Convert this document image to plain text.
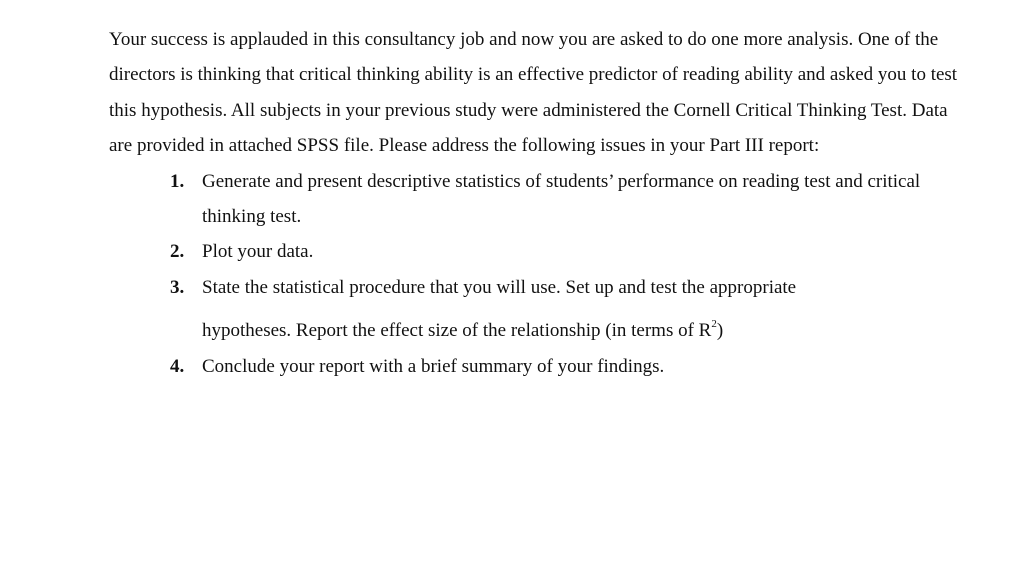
Your success is applauded in this consultancy job and now you are asked to do one more analysis. One of the directors is thinking that critical thinking ability is an effective predictor of reading ability and asked you to test this hypothesis. All subjects in your previous study were administered the Cornell Critical Thinking Test. Data are provided in attached SPSS file. Please address the following issues in your Part III report:

1. Generate and present descriptive statistics of students’ performance on reading test and critical thinking test.
2. Plot your data.
3. State the statistical procedure that you will use. Set up and test the appropriate
hypotheses. Report the effect size of the relationship (in terms of $R^2$)
4. Conclude your report with a brief summary of your findings.
